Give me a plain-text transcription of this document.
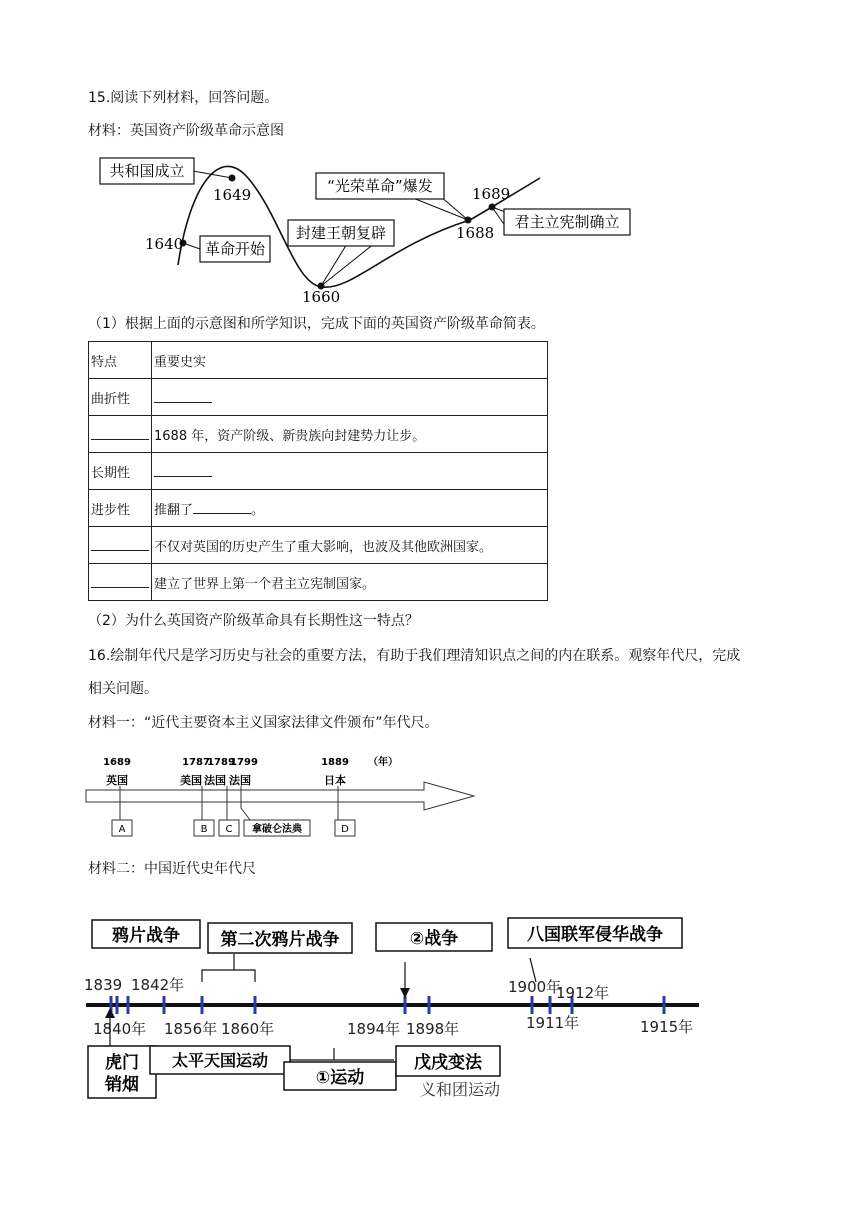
15.阅读下列材料，回答问题。
材料：英国资产阶级革命示意图
共和国成立
革命开始
封建王朝复辟
“光荣革命”爆发
君主立宪制确立
1640
1649
1660
1688
1689
（1）根据上面的示意图和所学知识，完成下面的英国资产阶级革命简表。
特点	重要史实
曲折性	
	1688 年，资产阶级、新贵族向封建势力让步。
长期性	
进步性	推翻了 。
	不仅对英国的历史产生了重大影响，也波及其他欧洲国家。
	建立了世界上第一个君主立宪制国家。
（2）为什么英国资产阶级革命具有长期性这一特点？
16.绘制年代尺是学习历史与社会的重要方法，有助于我们理清知识点之间的内在联系。观察年代尺，完成
相关问题。
材料一：“近代主要资本主义国家法律文件颁布”年代尺。
1689	1787
1789
1799	1889 （年）
英国	美国 法国 法国	日本
A	B C 拿破仑法典	D
材料二：中国近代史年代尺
鸦片战争 第二次鸦片战争	②战争	八国联军侵华战争
1839 1842年	1900年
1912年
1840年 1856年 1860年	1894年 1898年	1911年	1915年
虎门
销烟
太平天国运动
①运动
戊戌变法
义和团运动
